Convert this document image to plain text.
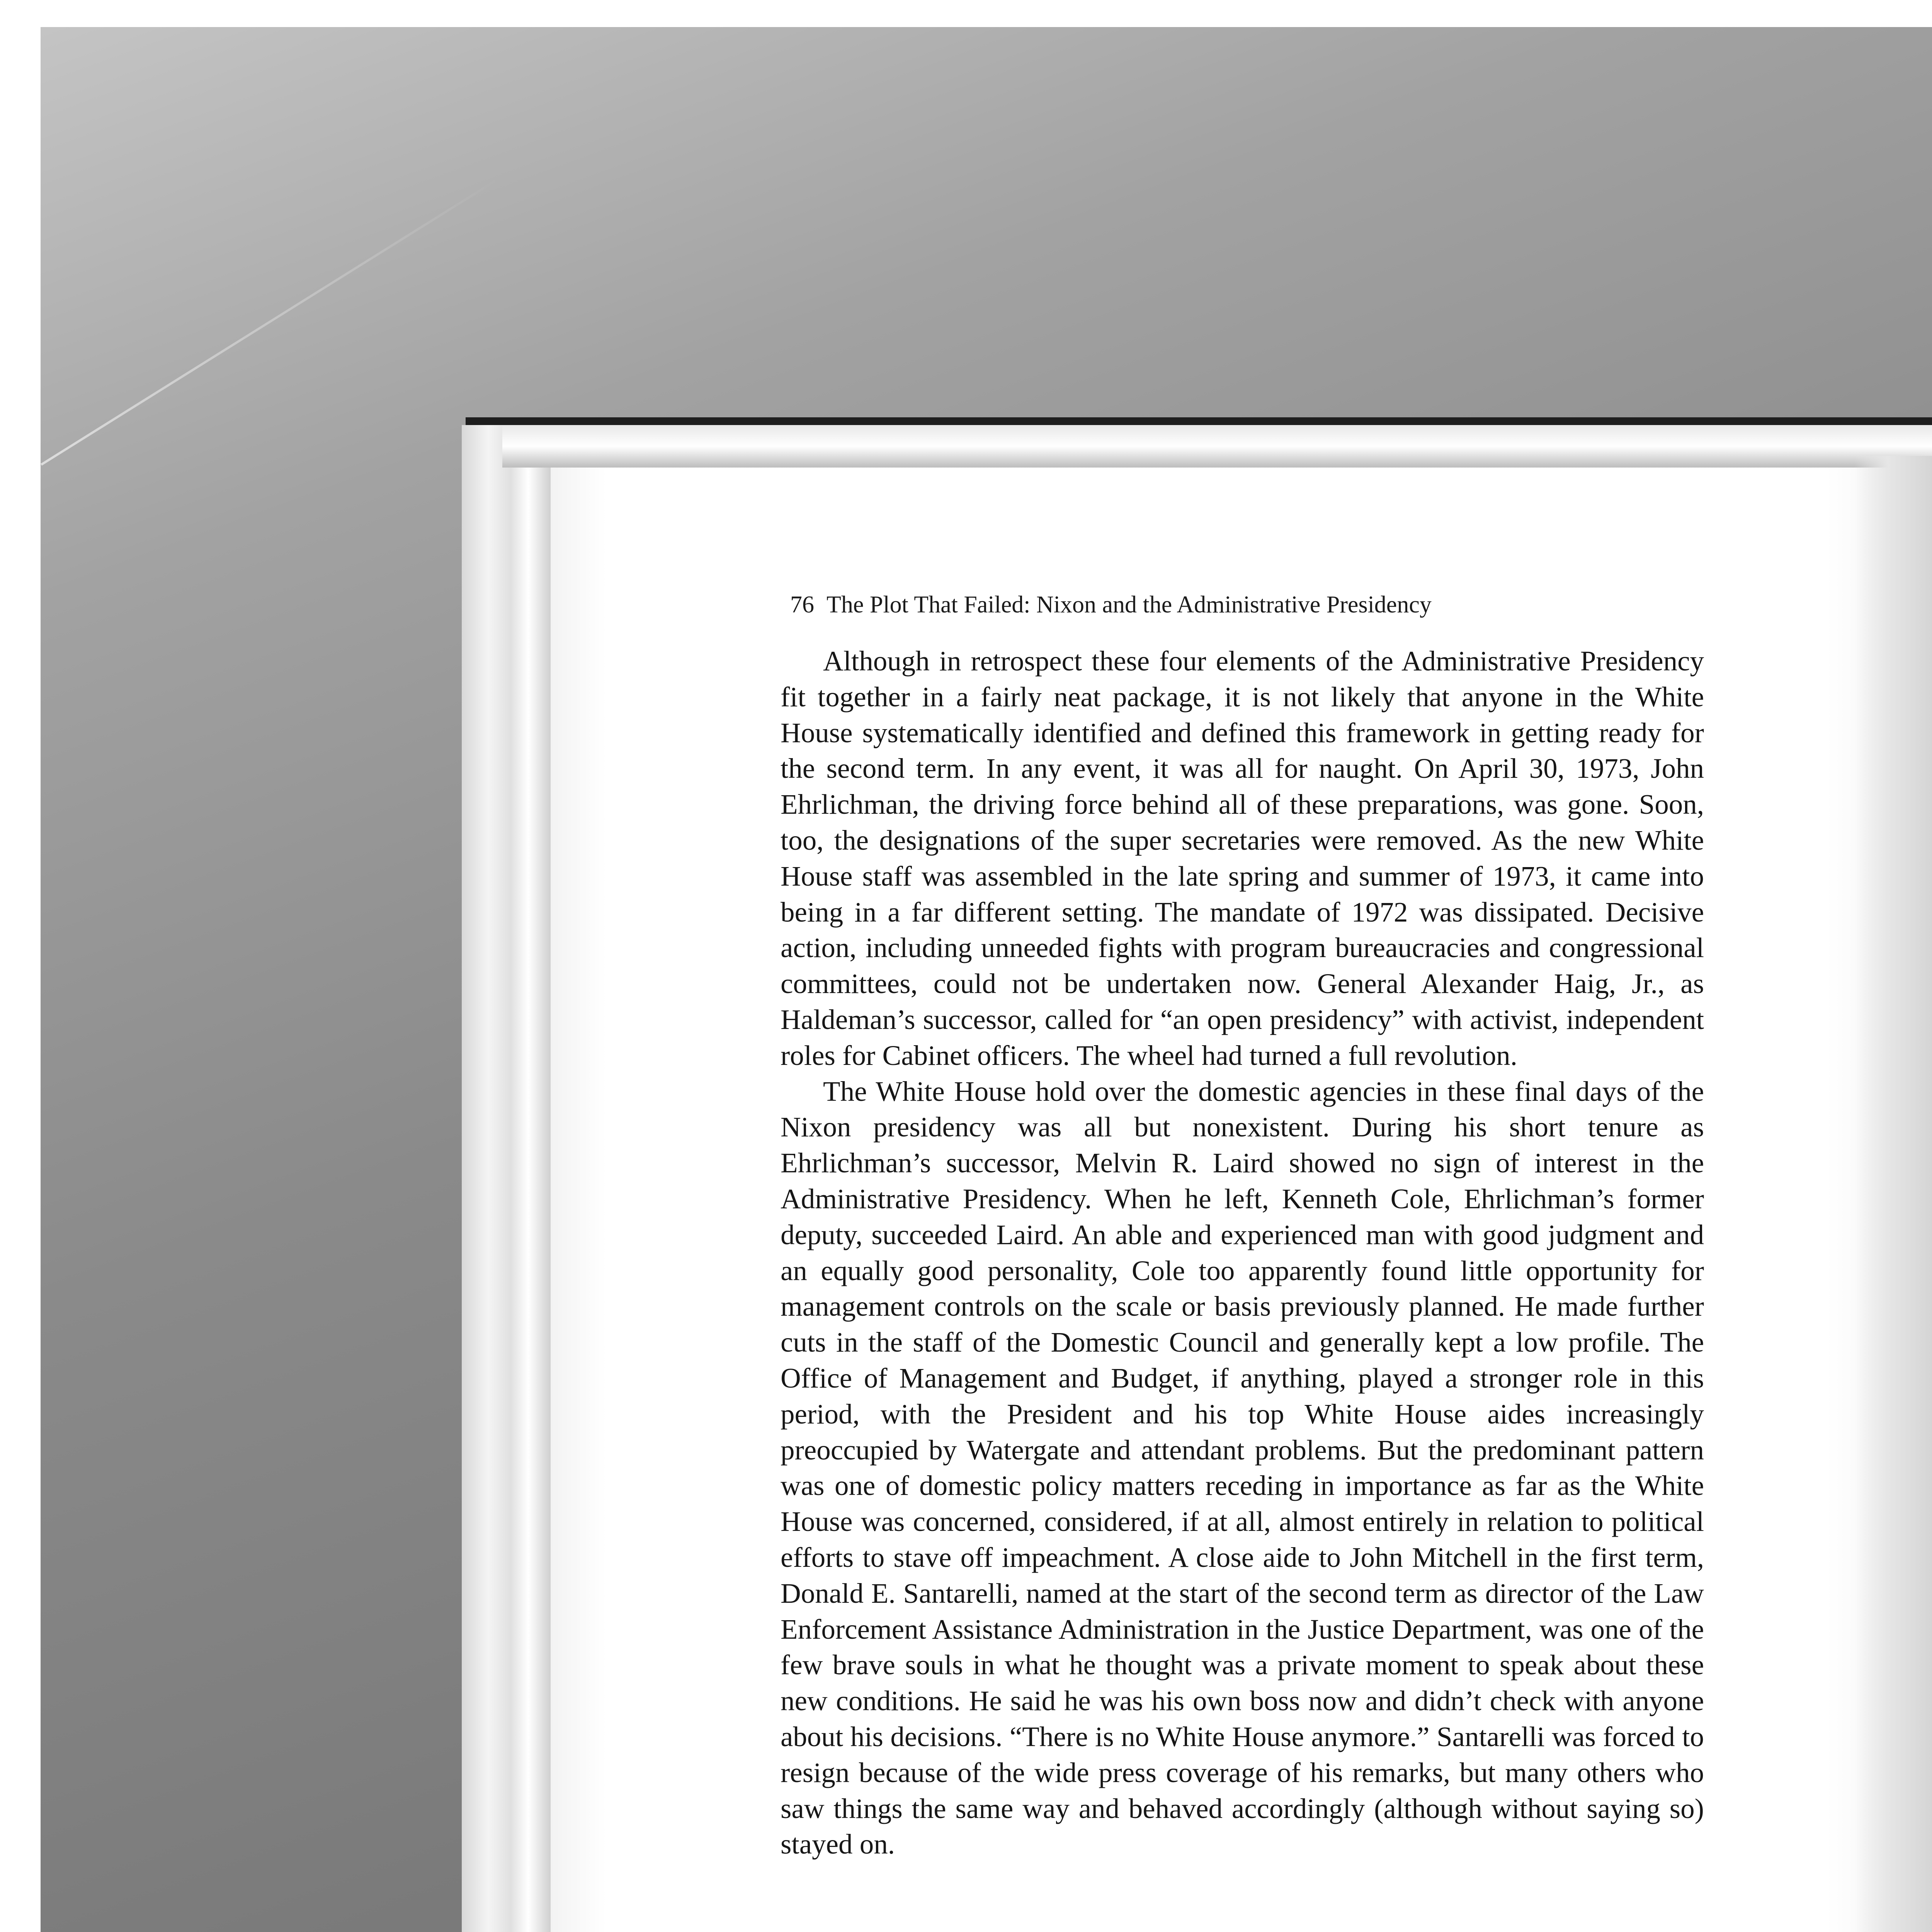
76 The Plot That Failed: Nixon and the Administrative Presidency

Although in retrospect these four elements of the Administrative Presidency fit together in a fairly neat package, it is not likely that anyone in the White House systematically identified and defined this framework in getting ready for the second term. In any event, it was all for naught. On April 30, 1973, John Ehrlichman, the driving force behind all of these preparations, was gone. Soon, too, the designations of the super secretaries were removed. As the new White House staff was assembled in the late spring and summer of 1973, it came into being in a far different setting. The mandate of 1972 was dissipated. Decisive action, including unneeded fights with program bureaucracies and congressional committees, could not be undertaken now. General Alexander Haig, Jr., as Haldeman’s successor, called for “an open presidency” with activist, independent roles for Cabinet officers. The wheel had turned a full revolution.

The White House hold over the domestic agencies in these final days of the Nixon presidency was all but nonexistent. During his short tenure as Ehrlichman’s successor, Melvin R. Laird showed no sign of interest in the Administrative Presidency. When he left, Kenneth Cole, Ehrlichman’s former deputy, succeeded Laird. An able and experienced man with good judgment and an equally good personality, Cole too apparently found little opportunity for management controls on the scale or basis previously planned. He made further cuts in the staff of the Domestic Council and generally kept a low profile. The Office of Management and Budget, if anything, played a stronger role in this period, with the President and his top White House aides increasingly preoccupied by Watergate and attendant problems. But the predominant pattern was one of domestic policy matters receding in importance as far as the White House was concerned, considered, if at all, almost entirely in relation to political efforts to stave off impeachment. A close aide to John Mitchell in the first term, Donald E. Santarelli, named at the start of the second term as director of the Law Enforcement Assistance Administration in the Justice Department, was one of the few brave souls in what he thought was a private moment to speak about these new conditions. He said he was his own boss now and didn’t check with anyone about his decisions. “There is no White House anymore.” Santarelli was forced to resign because of the wide press coverage of his remarks, but many others who saw things the same way and behaved accordingly (although without saying so) stayed on.
